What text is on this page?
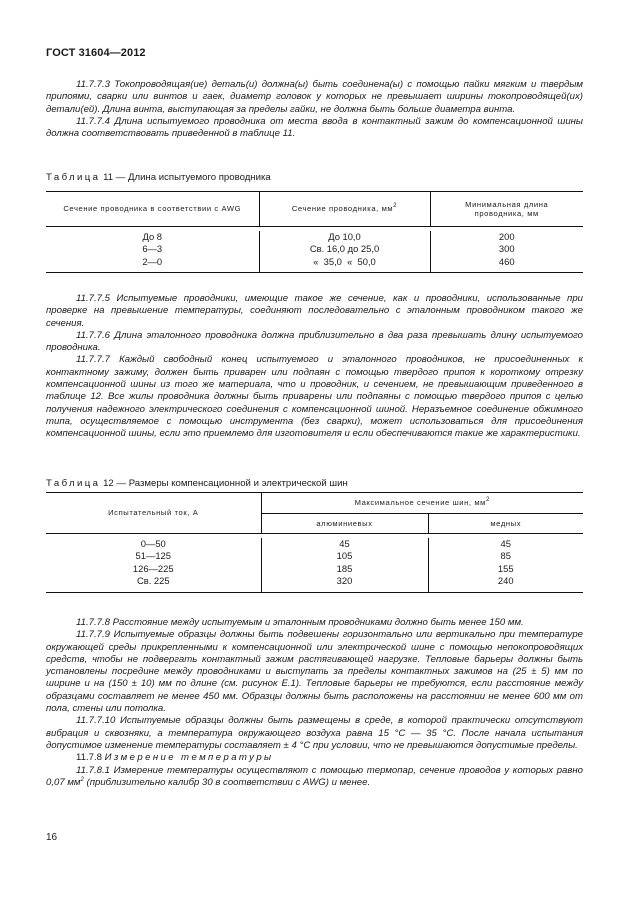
ГОСТ 31604—2012

11.7.7.3 Токопроводящая(ие) деталь(и) должна(ы) быть соединена(ы) с помощью пайки мягким и твердым припоями, сварки или винтов и гаек, диаметр головок у которых не превышает ширины токопроводящей(их) детали(ей). Длина винта, выступающая за пределы гайки, не должна быть больше диаметра винта.

11.7.7.4 Длина испытуемого проводника от места ввода в контактный зажим до компенсационной шины должна соответствовать приведенной в таблице 11.

Таблица 11 — Длина испытуемого проводника
Сечение проводника в соответствии с AWG	Сечение проводника, $мм^2$	Минимальная длина проводника, мм

До 8	До 10,0	200
6—3	Св. 16,0 до 25,0	300
2—0	«  35,0  «  50,0	460

11.7.7.5 Испытуемые проводники, имеющие такое же сечение, как и проводники, использованные при проверке на превышение температуры, соединяют последовательно с эталонным проводником такого же сечения.

11.7.7.6 Длина эталонного проводника должна приблизительно в два раза превышать длину испытуемого проводника.

11.7.7.7 Каждый свободный конец испытуемого и эталонного проводников, не присоединенных к контактному зажиму, должен быть приварен или подпаян с помощью твердого припоя к короткому отрезку компенсационной шины из того же материала, что и проводник, и сечением, не превышающим приведенного в таблице 12. Все жилы проводника должны быть приварены или подпаяны с помощью твердого припоя с целью получения надежного электрического соединения с компенсационной шиной. Неразъемное соединение обжимного типа, осуществляемое с помощью инструмента (без сварки), может использоваться для присоединения компенсационной шины, если это приемлемо для изготовителя и если обеспечиваются такие же характеристики.

Таблица 12 — Размеры компенсационной и электрической шин
Испытательный ток, А	Максимальное сечение шин, $мм^2$
	алюминиевых	медных

0—50	45	45
51—125	105	85
126—225	185	155
Св. 225	320	240

11.7.7.8 Расстояние между испытуемым и эталонным проводниками должно быть менее 150 мм.

11.7.7.9 Испытуемые образцы должны быть подвешены горизонтально или вертикально при температуре окружающей среды прикрепленными к компенсационной или электрической шине с помощью непокопроводящих средств, чтобы не подвергать контактный зажим растягивающей нагрузке. Тепловые барьеры должны быть установлены посредине между проводниками и выступать за пределы контактных зажимов на (25 ± 5) мм по ширине и на (150 ± 10) мм по длине (см. рисунок Е.1). Тепловые барьеры не требуются, если расстояние между образцами составляет не менее 450 мм. Образцы должны быть расположены на расстоянии не менее 600 мм от пола, стены или потолка.

11.7.7.10 Испытуемые образцы должны быть размещены в среде, в которой практически отсутствуют вибрация и сквозняки, а температура окружающего воздуха равна 15 °С — 35 °С. После начала испытания допустимое изменение температуры составляет ± 4 °С при условии, что не превышаются допустимые пределы.

11.7.8 Измерение температуры

11.7.8.1 Измерение температуры осуществляют с помощью термопар, сечение проводов у которых равно 0,07 $мм^2$ (приблизительно калибр 30 в соответствии с AWG) и менее.

16
